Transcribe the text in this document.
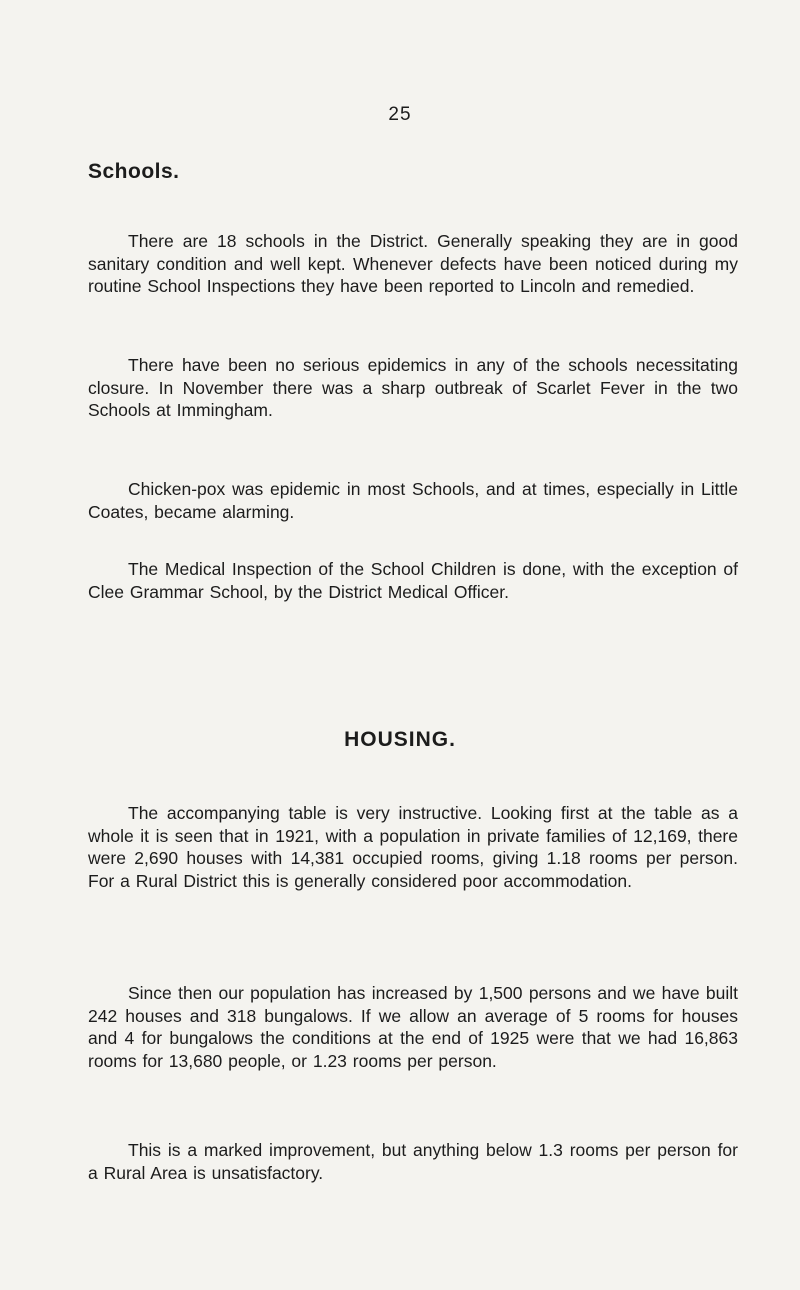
25
Schools.

There are 18 schools in the District. Generally speaking they are in good sanitary condition and well kept. Whenever defects have been noticed during my routine School Inspections they have been reported to Lincoln and remedied.

There have been no serious epidemics in any of the schools necessitating closure. In November there was a sharp outbreak of Scarlet Fever in the two Schools at Immingham.

Chicken-pox was epidemic in most Schools, and at times, especially in Little Coates, became alarming.

The Medical Inspection of the School Children is done, with the exception of Clee Grammar School, by the District Medical Officer.

HOUSING.

The accompanying table is very instructive. Looking first at the table as a whole it is seen that in 1921, with a population in private families of 12,169, there were 2,690 houses with 14,381 occupied rooms, giving 1.18 rooms per person. For a Rural District this is generally considered poor accommodation.

Since then our population has increased by 1,500 persons and we have built 242 houses and 318 bungalows. If we allow an average of 5 rooms for houses and 4 for bungalows the conditions at the end of 1925 were that we had 16,863 rooms for 13,680 people, or 1.23 rooms per person.

This is a marked improvement, but anything below 1.3 rooms per person for a Rural Area is unsatisfactory.
